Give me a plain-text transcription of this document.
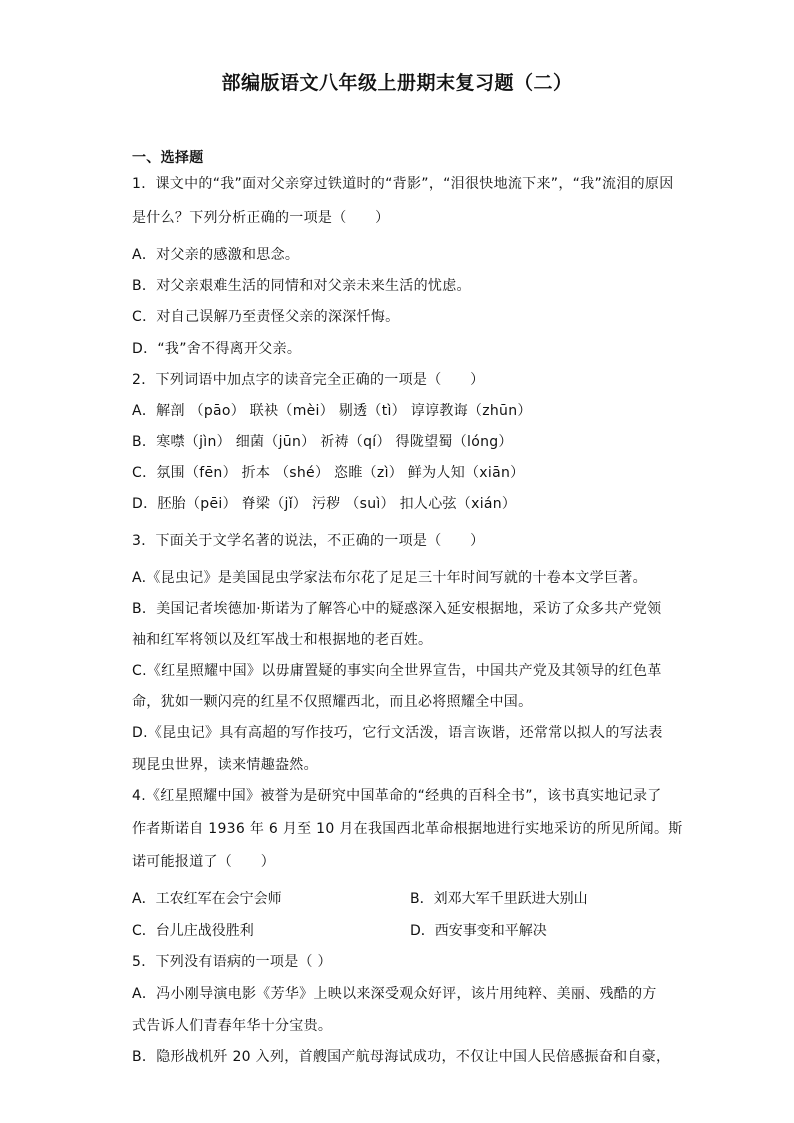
部编版语文八年级上册期末复习题（二）
一、选择题
1．课文中的“我”面对父亲穿过铁道时的“背影”，“泪很快地流下来”，“我”流泪的原因
是什么？下列分析正确的一项是（　　）
A．对父亲的感激和思念。
B．对父亲艰难生活的同情和对父亲未来生活的忧虑。
C．对自己误解乃至责怪父亲的深深忏悔。
D．“我”舍不得离开父亲。
2．下列词语中加点字的读音完全正确的一项是（　　）
A．解剖 （pāo） 联袂（mèi） 剔透（tì） 谆谆教诲（zhūn）
B．寒噤（jìn） 细菌（jūn） 祈祷（qí） 得陇望蜀（lóng）
C．氛围（fēn） 折本 （shé） 恣睢（zì） 鲜为人知（xiān）
D．胚胎（pēi） 脊梁（jǐ） 污秽 （suì） 扣人心弦（xián）
3．下面关于文学名著的说法，不正确的一项是（　　）
A.《昆虫记》是美国昆虫学家法布尔花了足足三十年时间写就的十卷本文学巨著。
B．美国记者埃德加·斯诺为了解答心中的疑惑深入延安根据地，采访了众多共产党领
袖和红军将领以及红军战士和根据地的老百姓。
C.《红星照耀中国》以毋庸置疑的事实向全世界宣告，中国共产党及其领导的红色革
命，犹如一颗闪亮的红星不仅照耀西北，而且必将照耀全中国。
D.《昆虫记》具有高超的写作技巧，它行文活泼，语言诙谐，还常常以拟人的写法表
现昆虫世界，读来情趣盎然。
4.《红星照耀中国》被誉为是研究中国革命的“经典的百科全书”，该书真实地记录了
作者斯诺自 1936 年 6 月至 10 月在我国西北革命根据地进行实地采访的所见所闻。斯
诺可能报道了（　　）
A．工农红军在会宁会师	B．刘邓大军千里跃进大别山
C．台儿庄战役胜利	D．西安事变和平解决
5．下列没有语病的一项是（ ）
A．冯小刚导演电影《芳华》上映以来深受观众好评，该片用纯粹、美丽、残酷的方
式告诉人们青春年华十分宝贵。
B．隐形战机歼 20 入列，首艘国产航母海试成功，不仅让中国人民倍感振奋和自豪，
